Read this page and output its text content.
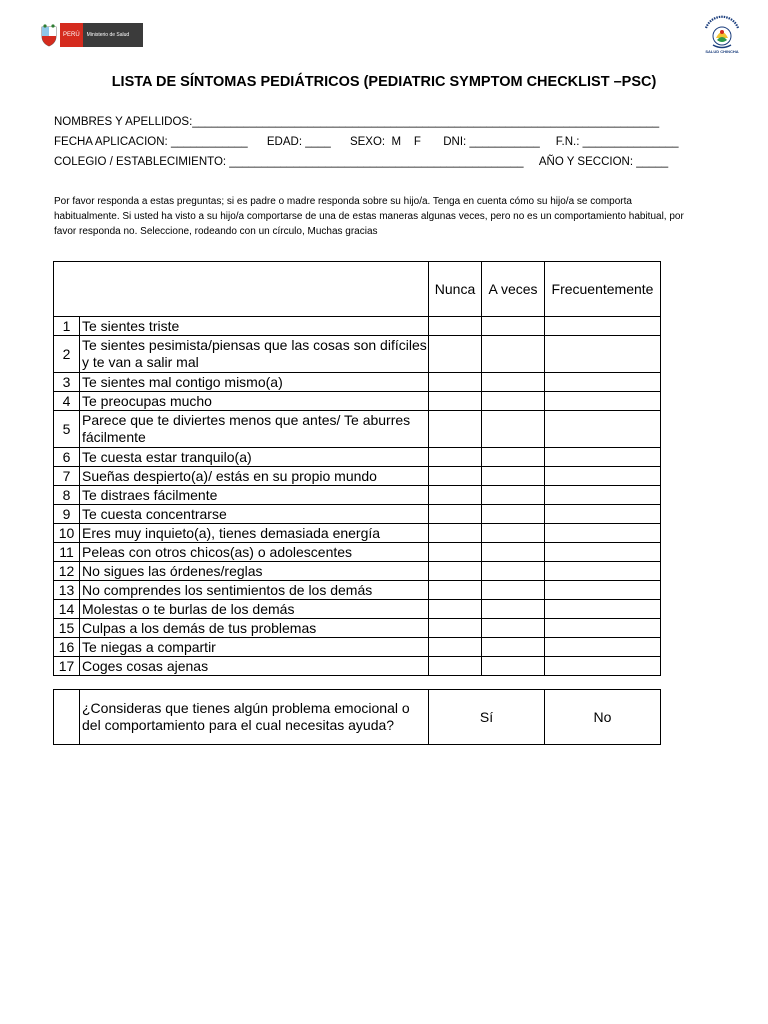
PERÚ	Ministerio de Salud
SALUD CHINCHA
LISTA DE SÍNTOMAS PEDIÁTRICOS (PEDIATRIC SYMPTOM CHECKLIST –PSC)
NOMBRES Y APELLIDOS:_________________________________________________________________________
FECHA APLICACION: ____________      EDAD: ____      SEXO:  M    F       DNI: ___________     F.N.: _______________
COLEGIO / ESTABLECIMIENTO: ______________________________________________     AÑO Y SECCION: _____
Por favor responda a estas preguntas; si es padre o madre responda sobre su hijo/a. Tenga en cuenta cómo su hijo/a se comporta habitualmente. Si usted ha visto a su hijo/a comportarse de una de estas maneras algunas veces, pero no es un comportamiento habitual, por favor responda no. Seleccione, rodeando con un círculo, Muchas gracias
		Nunca	A veces	Frecuentemente
1	Te sientes triste			
2	Te sientes pesimista/piensas que las cosas son difíciles y te van a salir mal			
3	Te sientes mal contigo mismo(a)			
4	Te preocupas mucho			
5	Parece que te diviertes menos que antes/ Te aburres fácilmente			
6	Te cuesta estar tranquilo(a)			
7	Sueñas despierto(a)/ estás en su propio mundo			
8	Te distraes fácilmente			
9	Te cuesta concentrarse			
10	Eres muy inquieto(a), tienes demasiada energía			
11	Peleas con otros chicos(as) o adolescentes			
12	No sigues las órdenes/reglas			
13	No comprendes los sentimientos de los demás			
14	Molestas o te burlas de los demás			
15	Culpas a los demás de tus problemas			
16	Te niegas a compartir			
17	Coges cosas ajenas			
	¿Consideras que tienes algún problema emocional o del comportamiento para el cual necesitas ayuda?	Sí	No
